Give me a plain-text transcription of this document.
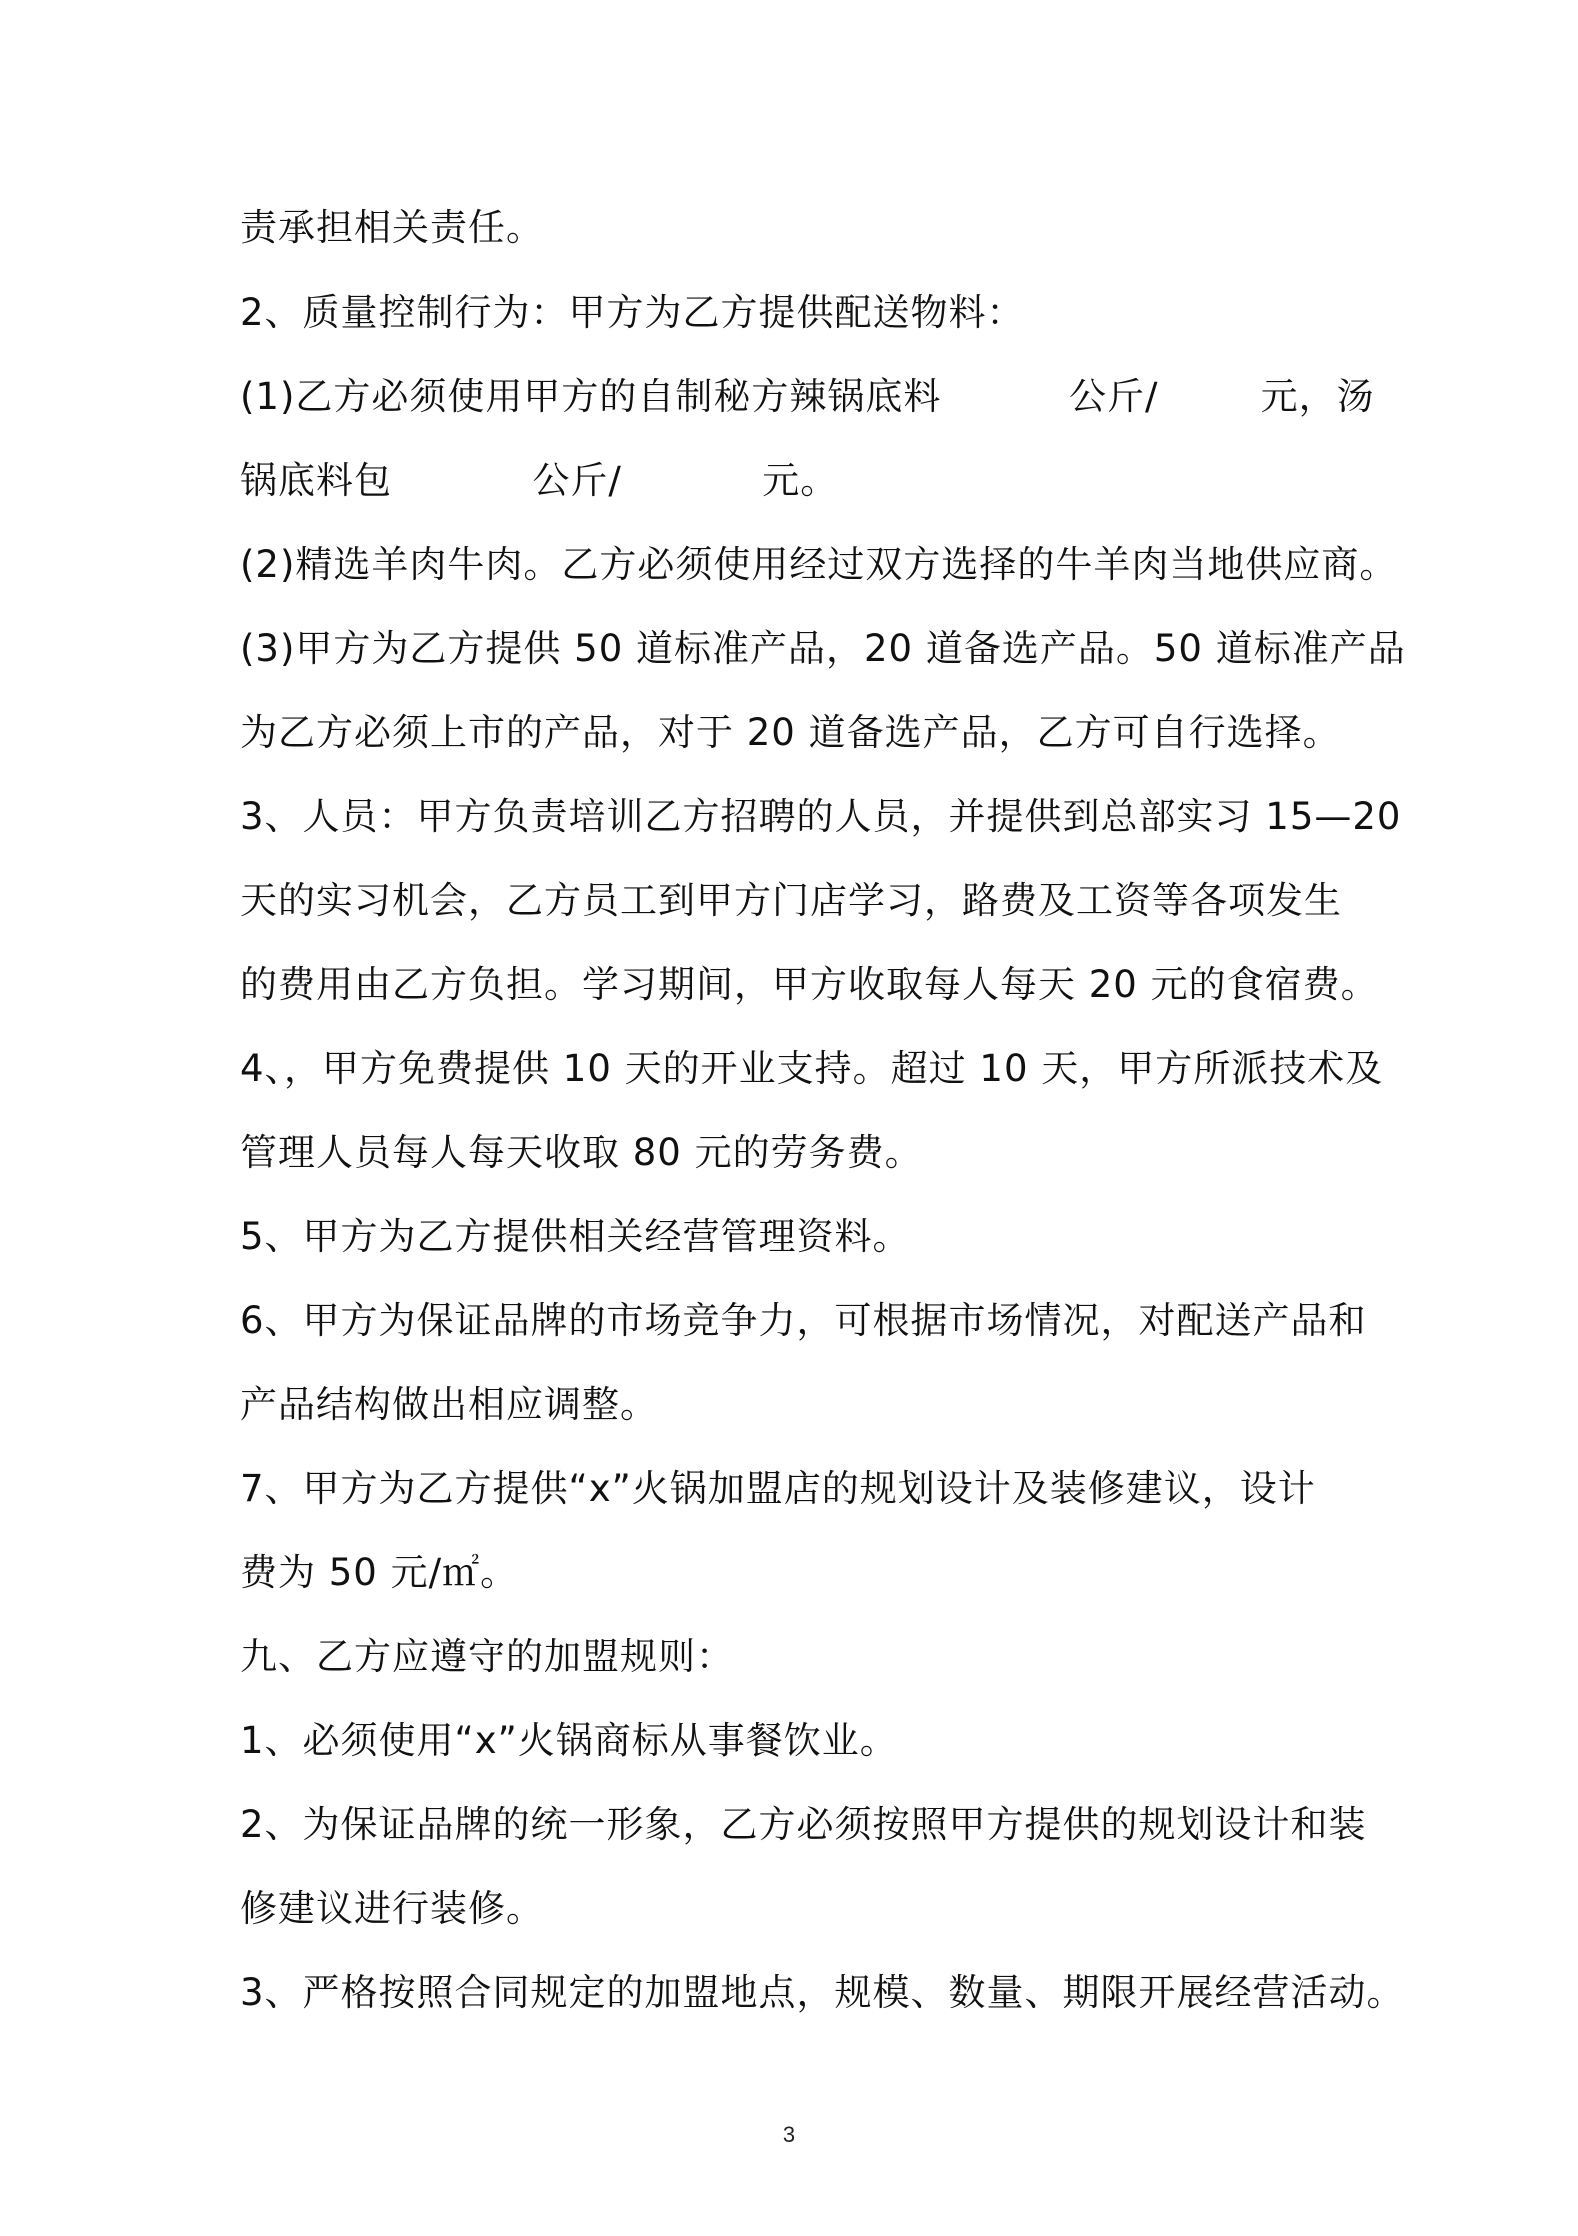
责承担相关责任。
2、质量控制行为：甲方为乙方提供配送物料：
(1)乙方必须使用甲方的自制秘方辣锅底料          公斤/        元，汤
锅底料包           公斤/           元。
(2)精选羊肉牛肉。乙方必须使用经过双方选择的牛羊肉当地供应商。
(3)甲方为乙方提供 50 道标准产品，20 道备选产品。50 道标准产品
为乙方必须上市的产品，对于 20 道备选产品，乙方可自行选择。
3、人员：甲方负责培训乙方招聘的人员，并提供到总部实习 15—20
天的实习机会，乙方员工到甲方门店学习，路费及工资等各项发生
的费用由乙方负担。学习期间，甲方收取每人每天 20 元的食宿费。
4、，甲方免费提供 10 天的开业支持。超过 10 天，甲方所派技术及
管理人员每人每天收取 80 元的劳务费。
5、甲方为乙方提供相关经营管理资料。
6、甲方为保证品牌的市场竞争力，可根据市场情况，对配送产品和
产品结构做出相应调整。
7、甲方为乙方提供“x”火锅加盟店的规划设计及装修建议，设计
费为 50 元/㎡。
九、乙方应遵守的加盟规则：
1、必须使用“x”火锅商标从事餐饮业。
2、为保证品牌的统一形象，乙方必须按照甲方提供的规划设计和装
修建议进行装修。
3、严格按照合同规定的加盟地点，规模、数量、期限开展经营活动。
3
